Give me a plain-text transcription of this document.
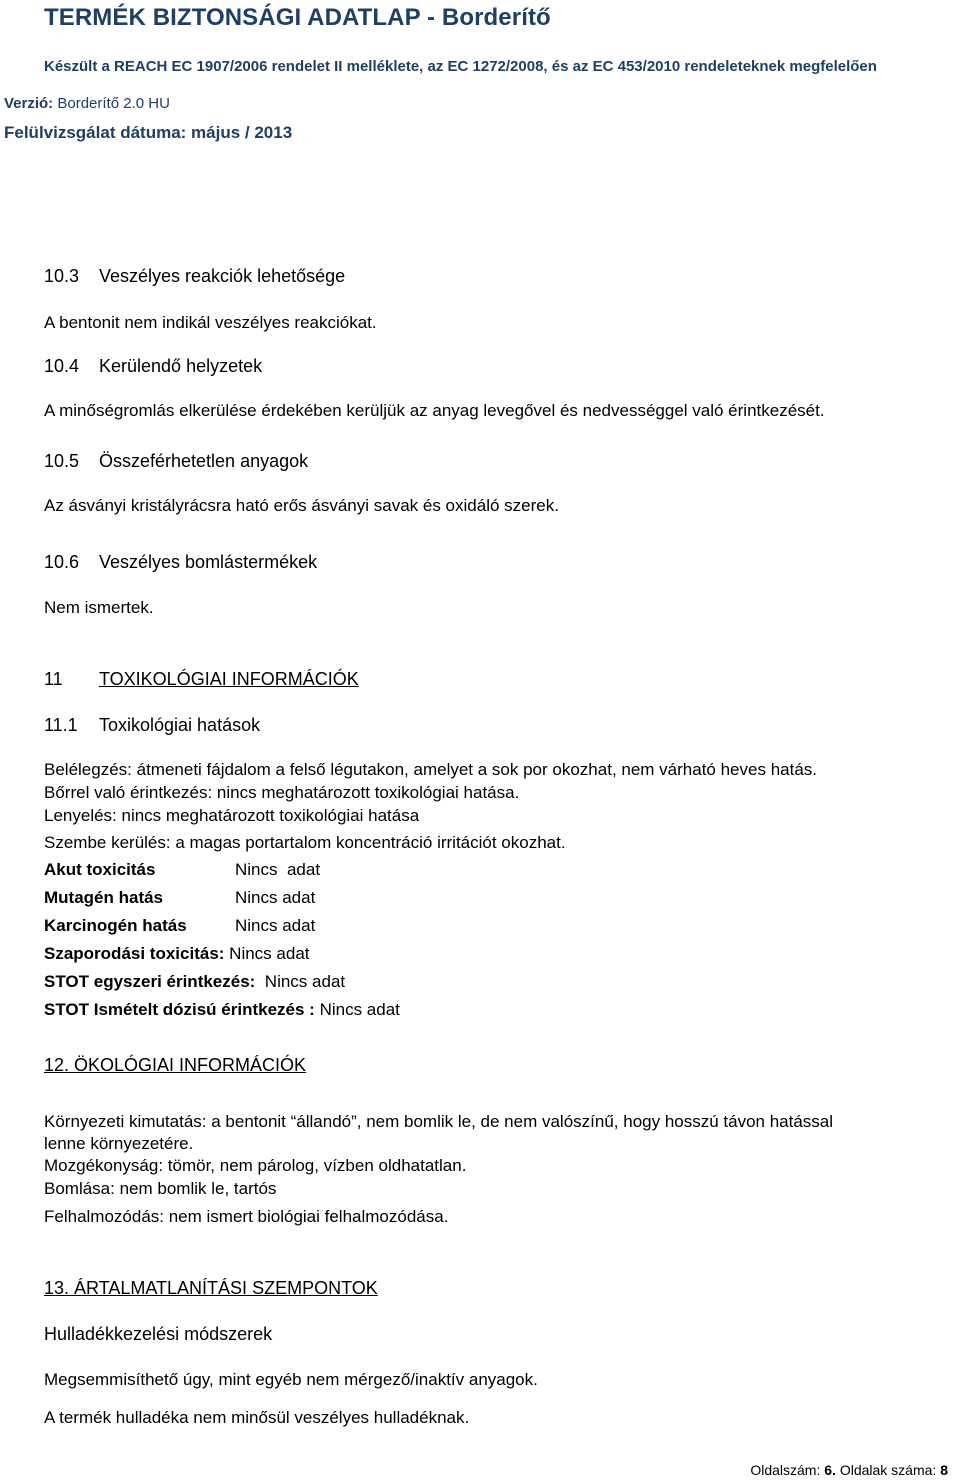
TERMÉK BIZTONSÁGI ADATLAP - Borderítő
Készült a REACH EC 1907/2006 rendelet II melléklete, az EC 1272/2008, és az EC 453/2010 rendeleteknek megfelelően
Verzió: Borderítő 2.0 HU
Felülvizsgálat dátuma: május / 2013
10.3 Veszélyes reakciók lehetősége
A bentonit nem indikál veszélyes reakciókat.
10.4 Kerülendő helyzetek
A minőségromlás elkerülése érdekében kerüljük az anyag levegővel és nedvességgel való érintkezését.
10.5 Összeférhetetlen anyagok
Az ásványi kristályrácsra ható erős ásványi savak és oxidáló szerek.
10.6 Veszélyes bomlástermékek
Nem ismertek.
11 TOXIKOLÓGIAI INFORMÁCIÓK
11.1 Toxikológiai hatások
Belélegzés: átmeneti fájdalom a felső légutakon, amelyet a sok por okozhat, nem várható heves hatás.
Bőrrel való érintkezés: nincs meghatározott toxikológiai hatása.
Lenyelés: nincs meghatározott toxikológiai hatása
Szembe kerülés: a magas portartalom koncentráció irritációt okozhat.
Akut toxicitás	Nincs  adat
Mutagén hatás	Nincs adat
Karcinogén hatás	Nincs adat
Szaporodási toxicitás: Nincs adat
STOT egyszeri érintkezés: Nincs adat
STOT Ismételt dózisú érintkezés : Nincs adat
12. ÖKOLÓGIAI INFORMÁCIÓK
Környezeti kimutatás: a bentonit “állandó”, nem bomlik le, de nem valószínű, hogy hosszú távon hatással
lenne környezetére.
Mozgékonyság: tömör, nem párolog, vízben oldhatatlan.
Bomlása: nem bomlik le, tartós
Felhalmozódás: nem ismert biológiai felhalmozódása.
13. ÁRTALMATLANÍTÁSI SZEMPONTOK
Hulladékkezelési módszerek
Megsemmisíthető úgy, mint egyéb nem mérgező/inaktív anyagok.
A termék hulladéka nem minősül veszélyes hulladéknak.
Oldalszám: 6. Oldalak száma: 8
